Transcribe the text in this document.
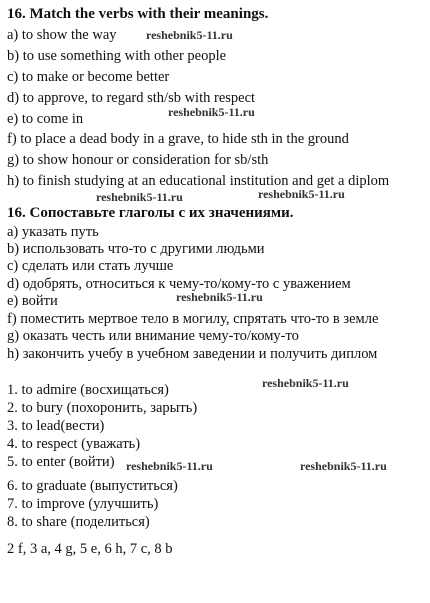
16. Match the verbs with their meanings.
a) to show the way
b) to use something with other people
c) to make or become better
d) to approve, to regard sth/sb with respect
e) to come in
f) to place a dead body in a grave, to hide sth in the ground
g) to show honour or consideration for sb/sth
h) to finish studying at an educational institution and get a diplom
16. Сопоставьте глаголы с их значениями.
a) указать путь
b) использовать что-то с другими людьми
c) сделать или стать лучше
d) одобрять, относиться к чему-то/кому-то с уважением
e) войти
f) поместить мертвое тело в могилу, спрятать что-то в земле
g) оказать честь или внимание чему-то/кому-то
h) закончить учебу в учебном заведении и получить диплом
1. to admire (восхищаться)
2. to bury (похоронить, зарыть)
3. to lead(вести)
4. to respect (уважать)
5. to enter (войти)
6. to graduate (выпуститься)
7. to improve (улучшить)
8. to share (поделиться)
2 f, 3 a, 4 g, 5 e, 6 h, 7 c, 8 b
reshebnik5-11.ru
reshebnik5-11.ru
reshebnik5-11.ru	reshebnik5-11.ru
reshebnik5-11.ru
reshebnik5-11.ru
reshebnik5-11.ru	reshebnik5-11.ru
